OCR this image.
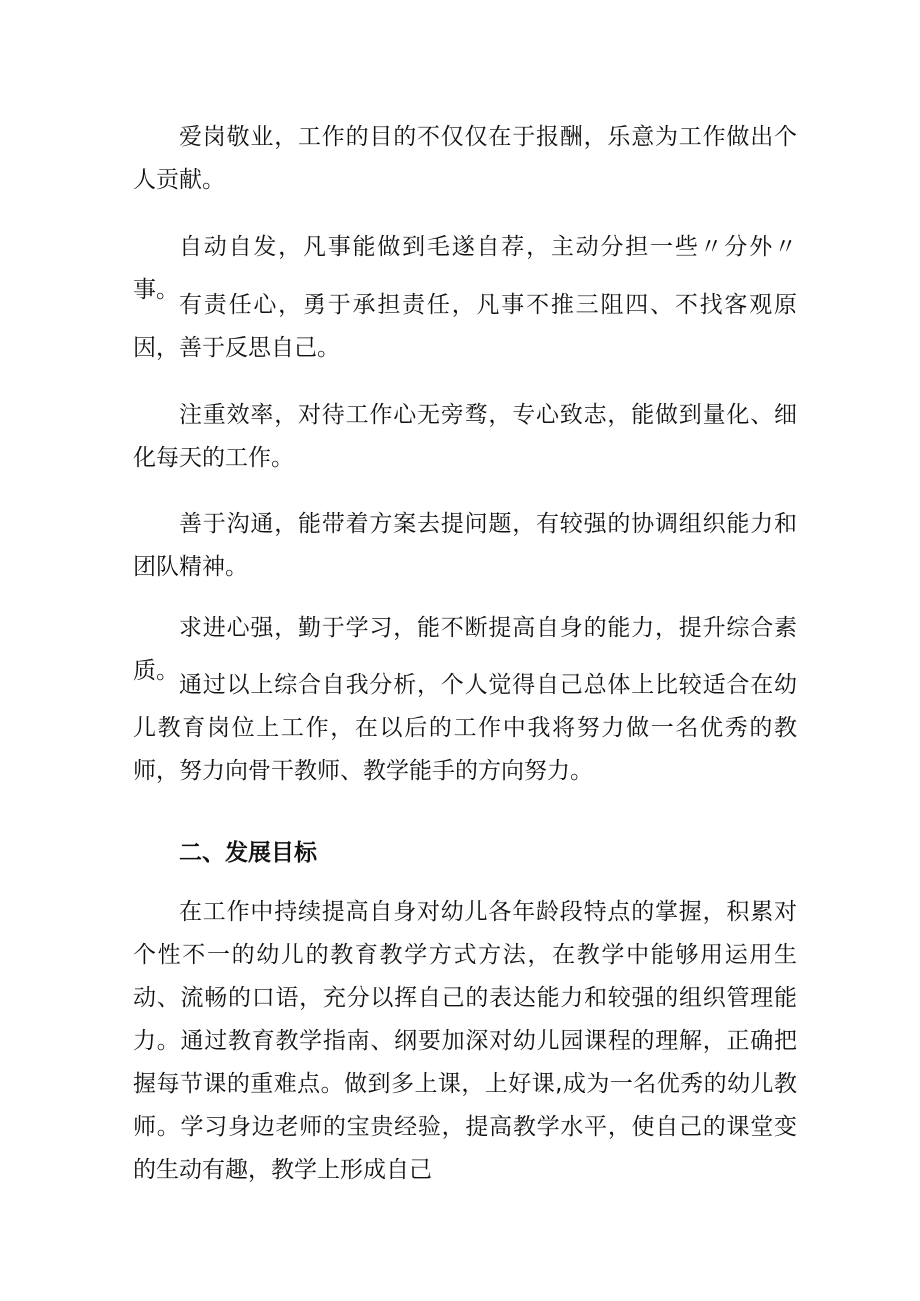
爱岗敬业，工作的目的不仅仅在于报酬，乐意为工作做出个人贡献。

自动自发，凡事能做到毛遂自荐，主动分担一些〃分外〃事。

有责任心，勇于承担责任，凡事不推三阻四、不找客观原因，善于反思自己。

注重效率，对待工作心无旁骛，专心致志，能做到量化、细化每天的工作。

善于沟通，能带着方案去提问题，有较强的协调组织能力和团队精神。

求进心强，勤于学习，能不断提高自身的能力，提升综合素质。

通过以上综合自我分析，个人觉得自己总体上比较适合在幼儿教育岗位上工作，在以后的工作中我将努力做一名优秀的教师，努力向骨干教师、教学能手的方向努力。

二、发展目标

在工作中持续提高自身对幼儿各年龄段特点的掌握，积累对个性不一的幼儿的教育教学方式方法，在教学中能够用运用生动、流畅的口语，充分以挥自己的表达能力和较强的组织管理能力。通过教育教学指南、纲要加深对幼儿园课程的理解，正确把握每节课的重难点。做到多上课，上好课,成为一名优秀的幼儿教师。学习身边老师的宝贵经验，提高教学水平，使自己的课堂变的生动有趣，教学上形成自己
